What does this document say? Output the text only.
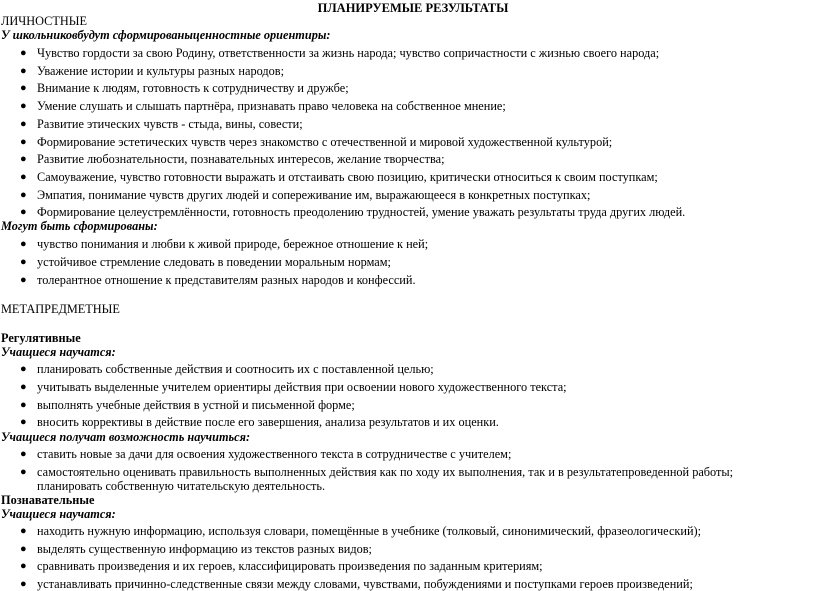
ПЛАНИРУЕМЫЕ РЕЗУЛЬТАТЫ
ЛИЧНОСТНЫЕ
У школьниковбудут сформированыценностные ориентиры:
● Чувство гордости за свою Родину, ответственности за жизнь народа; чувство сопричастности с жизнью своего народа;
● Уважение истории и культуры разных народов;
● Внимание к людям, готовность к сотрудничеству и дружбе;
● Умение слушать и слышать партнёра, признавать право человека на собственное мнение;
● Развитие этических чувств - стыда, вины, совести;
● Формирование эстетических чувств через знакомство с отечественной и мировой художественной культурой;
● Развитие любознательности, познавательных интересов, желание творчества;
● Самоуважение, чувство готовности выражать и отстаивать свою позицию, критически относиться к своим поступкам;
● Эмпатия, понимание чувств других людей и сопереживание им, выражающееся в конкретных поступках;
● Формирование целеустремлённости, готовность преодолению трудностей, умение уважать результаты труда других людей.
Могут быть сформированы:
● чувство понимания и любви к живой природе, бережное отношение к ней;
● устойчивое стремление следовать в поведении моральным нормам;
● толерантное отношение к представителям разных народов и конфессий.
МЕТАПРЕДМЕТНЫЕ
Регулятивные
Учащиеся научатся:
● планировать собственные действия и соотносить их с поставленной целью;
● учитывать выделенные учителем ориентиры действия при освоении нового художественного текста;
● выполнять учебные действия в устной и письменной форме;
● вносить коррективы в действие после его завершения, анализа результатов и их оценки.
Учащиеся получат возможность научиться:
● ставить новые за дачи для освоения художественного текста в сотрудничестве с учителем;
● самостоятельно оценивать правильность выполненных действия как по ходу их выполнения, так и в результатепроведенной работы;
планировать собственную читательскую деятельность.
Познавательные
Учащиеся научатся:
● находить нужную информацию, используя словари, помещённые в учебнике (толковый, синонимический, фразеологический);
● выделять существенную информацию из текстов разных видов;
● сравнивать произведения и их героев, классифицировать произведения по заданным критериям;
● устанавливать причинно-следственные связи между словами, чувствами, побуждениями и поступками героев произведений;
